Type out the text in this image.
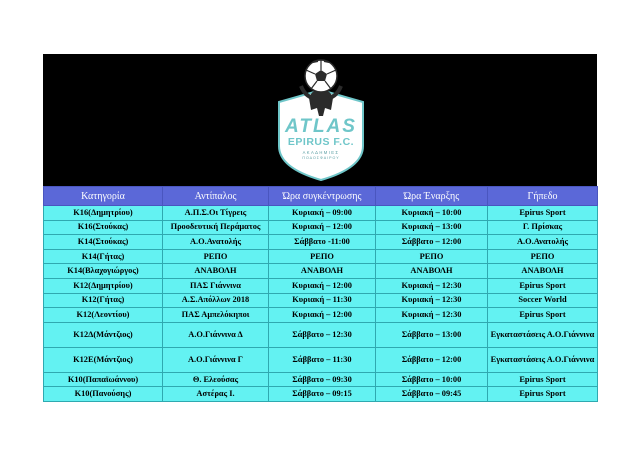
ATLAS
EPIRUS F.C.
ΑΚΑΔΗΜΙΕΣ
ΠΟΔΟΣΦΑΙΡΟΥ
Κατηγορία	Αντίπαλος	Ώρα συγκέντρωσης	Ώρα Έναρξης	Γήπεδο
Κ16(Δημητρίου)	Α.Π.Σ.Οι Τίγρεις	Κυριακή – 09:00	Κυριακή – 10:00	Epirus Sport
Κ16(Στούκας)	Προοδευτική Περάματος	Κυριακή – 12:00	Κυριακή – 13:00	Γ. Πρίσκας
Κ14(Στούκας)	Α.Ο.Ανατολής	Σάββατο -11:00	Σάββατο – 12:00	Α.Ο.Ανατολής
Κ14(Γήτας)	ΡΕΠΟ	ΡΕΠΟ	ΡΕΠΟ	ΡΕΠΟ
Κ14(Βλαχογιώργος)	ΑΝΑΒΟΛΗ	ΑΝΑΒΟΛΗ	ΑΝΑΒΟΛΗ	ΑΝΑΒΟΛΗ
Κ12(Δημητρίου)	ΠΑΣ Γιάννινα	Κυριακή – 12:00	Κυριακή – 12:30	Epirus Sport
Κ12(Γήτας)	Α.Σ.Απόλλων 2018	Κυριακή – 11:30	Κυριακή – 12:30	Soccer World
Κ12(Λεοντίου)	ΠΑΣ Αμπελόκηποι	Κυριακή – 12:00	Κυριακή – 12:30	Epirus Sport
Κ12Δ(Μάντζιος)	Α.Ο.Γιάννινα Δ	Σάββατο – 12:30	Σάββατο – 13:00	Εγκαταστάσεις Α.Ο.Γιάννινα
Κ12Ε(Μάντζιος)	Α.Ο.Γιάννινα Γ	Σάββατο – 11:30	Σάββατο – 12:00	Εγκαταστάσεις Α.Ο.Γιάννινα
Κ10(Παπαϊωάννου)	Θ. Ελεούσας	Σάββατο – 09:30	Σάββατο – 10:00	Epirus Sport
Κ10(Πανούσης)	Αστέρας Ι.	Σάββατο – 09:15	Σάββατο – 09:45	Epirus Sport
